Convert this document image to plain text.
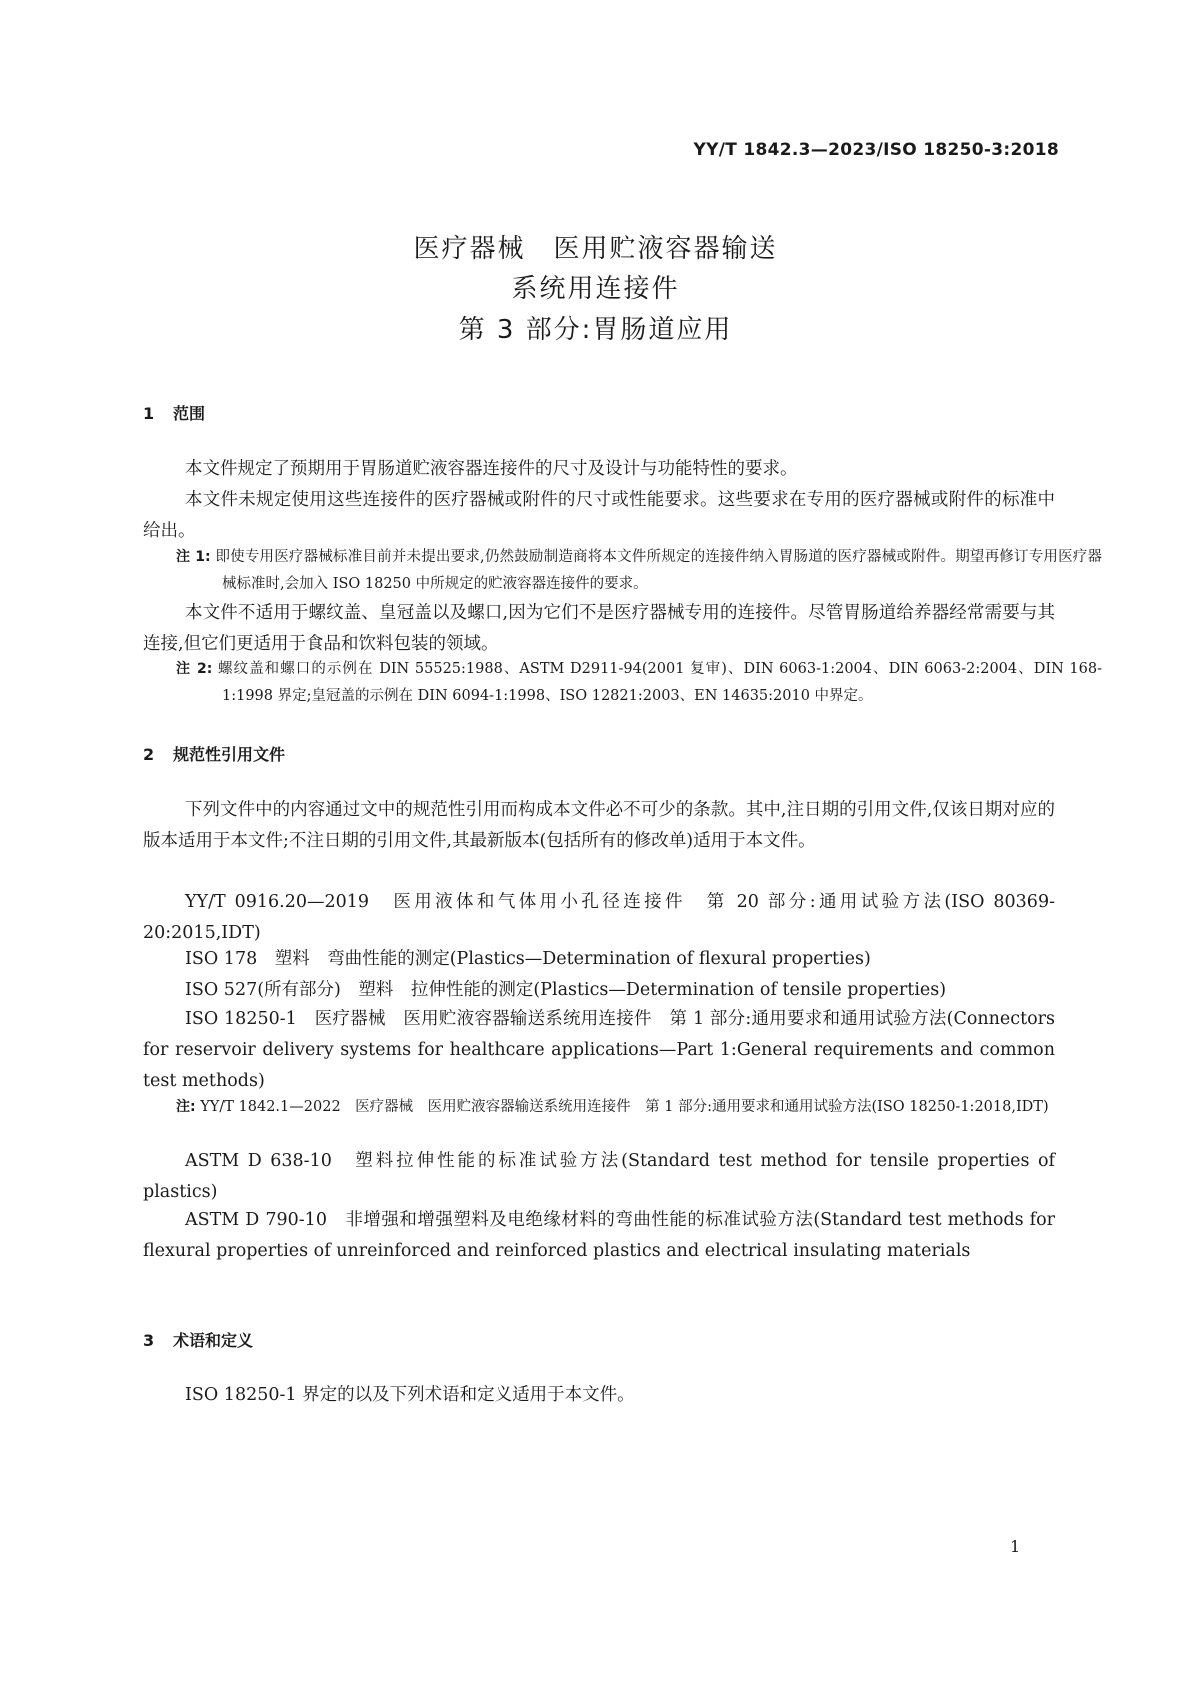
YY/T 1842.3—2023/ISO 18250-3:2018
医疗器械　医用贮液容器输送
系统用连接件
第 3 部分:胃肠道应用
1 范围
本文件规定了预期用于胃肠道贮液容器连接件的尺寸及设计与功能特性的要求。
本文件未规定使用这些连接件的医疗器械或附件的尺寸或性能要求。这些要求在专用的医疗器械或附件的标准中给出。
注 1: 即使专用医疗器械标准目前并未提出要求,仍然鼓励制造商将本文件所规定的连接件纳入胃肠道的医疗器械或附件。期望再修订专用医疗器械标准时,会加入 ISO 18250 中所规定的贮液容器连接件的要求。
本文件不适用于螺纹盖、皇冠盖以及螺口,因为它们不是医疗器械专用的连接件。尽管胃肠道给养器经常需要与其连接,但它们更适用于食品和饮料包装的领域。
注 2: 螺纹盖和螺口的示例在 DIN 55525:1988、ASTM D2911-94(2001 复审)、DIN 6063-1:2004、DIN 6063-2:2004、DIN 168-1:1998 界定;皇冠盖的示例在 DIN 6094-1:1998、ISO 12821:2003、EN 14635:2010 中界定。
2 规范性引用文件
下列文件中的内容通过文中的规范性引用而构成本文件必不可少的条款。其中,注日期的引用文件,仅该日期对应的版本适用于本文件;不注日期的引用文件,其最新版本(包括所有的修改单)适用于本文件。
YY/T 0916.20—2019　医用液体和气体用小孔径连接件　第 20 部分:通用试验方法(ISO 80369-20:2015,IDT)
ISO 178　塑料　弯曲性能的测定(Plastics—Determination of flexural properties)
ISO 527(所有部分)　塑料　拉伸性能的测定(Plastics—Determination of tensile properties)
ISO 18250-1　医疗器械　医用贮液容器输送系统用连接件　第 1 部分:通用要求和通用试验方法(Connectors for reservoir delivery systems for healthcare applications—Part 1:General requirements and common test methods)
注: YY/T 1842.1—2022　医疗器械　医用贮液容器输送系统用连接件　第 1 部分:通用要求和通用试验方法(ISO 18250-1:2018,IDT)
ASTM D 638-10　塑料拉伸性能的标准试验方法(Standard test method for tensile properties of plastics)
ASTM D 790-10　非增强和增强塑料及电绝缘材料的弯曲性能的标准试验方法(Standard test methods for flexural properties of unreinforced and reinforced plastics and electrical insulating materials
3 术语和定义
ISO 18250-1 界定的以及下列术语和定义适用于本文件。
1
